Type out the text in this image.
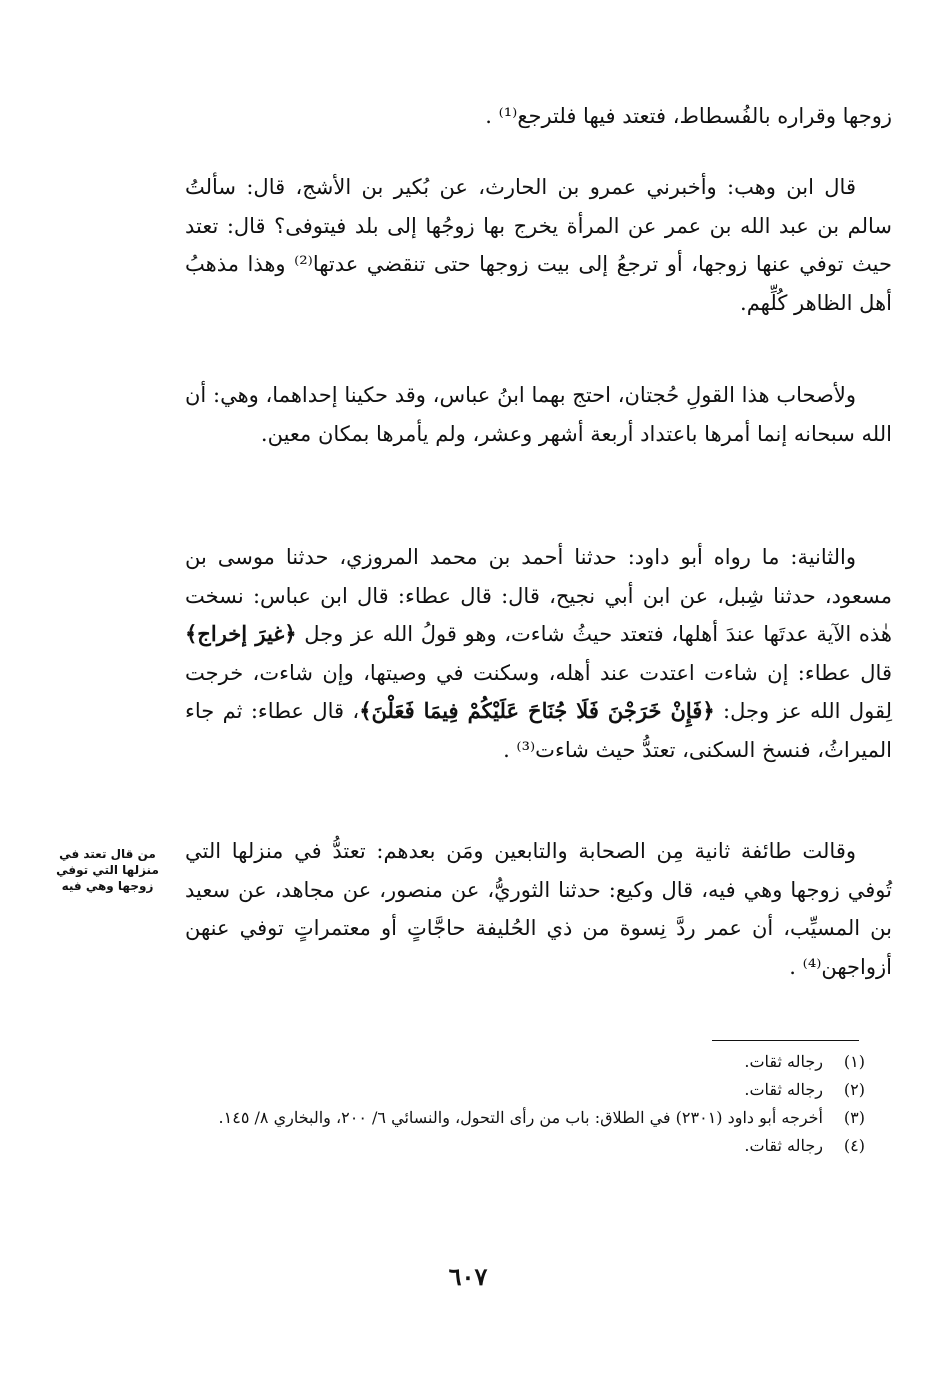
زوجها وقراره بالفُسطاط، فتعتد فيها فلترجع⁽¹⁾ .
قال ابن وهب: وأخبرني عمرو بن الحارث، عن بُكير بن الأشج، قال: سألتُ سالم بن عبد الله بن عمر عن المرأة يخرج بها زوجُها إلى بلد فيتوفى؟ قال: تعتد حيث توفي عنها زوجها، أو ترجعُ إلى بيت زوجها حتى تنقضي عدتها⁽²⁾ وهذا مذهبُ أهل الظاهر كُلِّهم.
ولأصحاب هذا القولِ حُجتان، احتج بهما ابنُ عباس، وقد حكينا إحداهما، وهي: أن الله سبحانه إنما أمرها باعتداد أربعة أشهر وعشر، ولم يأمرها بمكان معين.
والثانية: ما رواه أبو داود: حدثنا أحمد بن محمد المروزي، حدثنا موسى بن مسعود، حدثنا شِبل، عن ابن أبي نجيح، قال: قال عطاء: قال ابن عباس: نسخت هٰذه الآية عدتَها عندَ أهلها، فتعتد حيثُ شاءت، وهو قولُ الله عز وجل ﴿غيرَ إخراج﴾ قال عطاء: إن شاءت اعتدت عند أهله، وسكنت في وصيتها، وإن شاءت، خرجت لِقول الله عز وجل: ﴿فَإِنْ خَرَجْنَ فَلَا جُنَاحَ عَلَيْكُمْ فِيمَا فَعَلْنَ﴾، قال عطاء: ثم جاء الميراثُ، فنسخ السكنى، تعتدُّ حيث شاءت⁽³⁾ .
وقالت طائفة ثانية مِن الصحابة والتابعين ومَن بعدهم: تعتدُّ في منزلها التي تُوفي زوجها وهي فيه، قال وكيع: حدثنا الثوريُّ، عن منصور، عن مجاهد، عن سعيد بن المسيِّب، أن عمر ردَّ نِسوة من ذي الحُليفة حاجَّاتٍ أو معتمراتٍ توفي عنهن أزواجهن⁽⁴⁾ .
من قال تعتد في منزلها التي توفي زوجها وهي فيه
(١)
رجاله ثقات.
(٢)
رجاله ثقات.
(٣)
أخرجه أبو داود (٢٣٠١) في الطلاق: باب من رأى التحول، والنسائي ٦/ ٢٠٠، والبخاري ٨/ ١٤٥.
(٤)
رجاله ثقات.
٦٠٧
